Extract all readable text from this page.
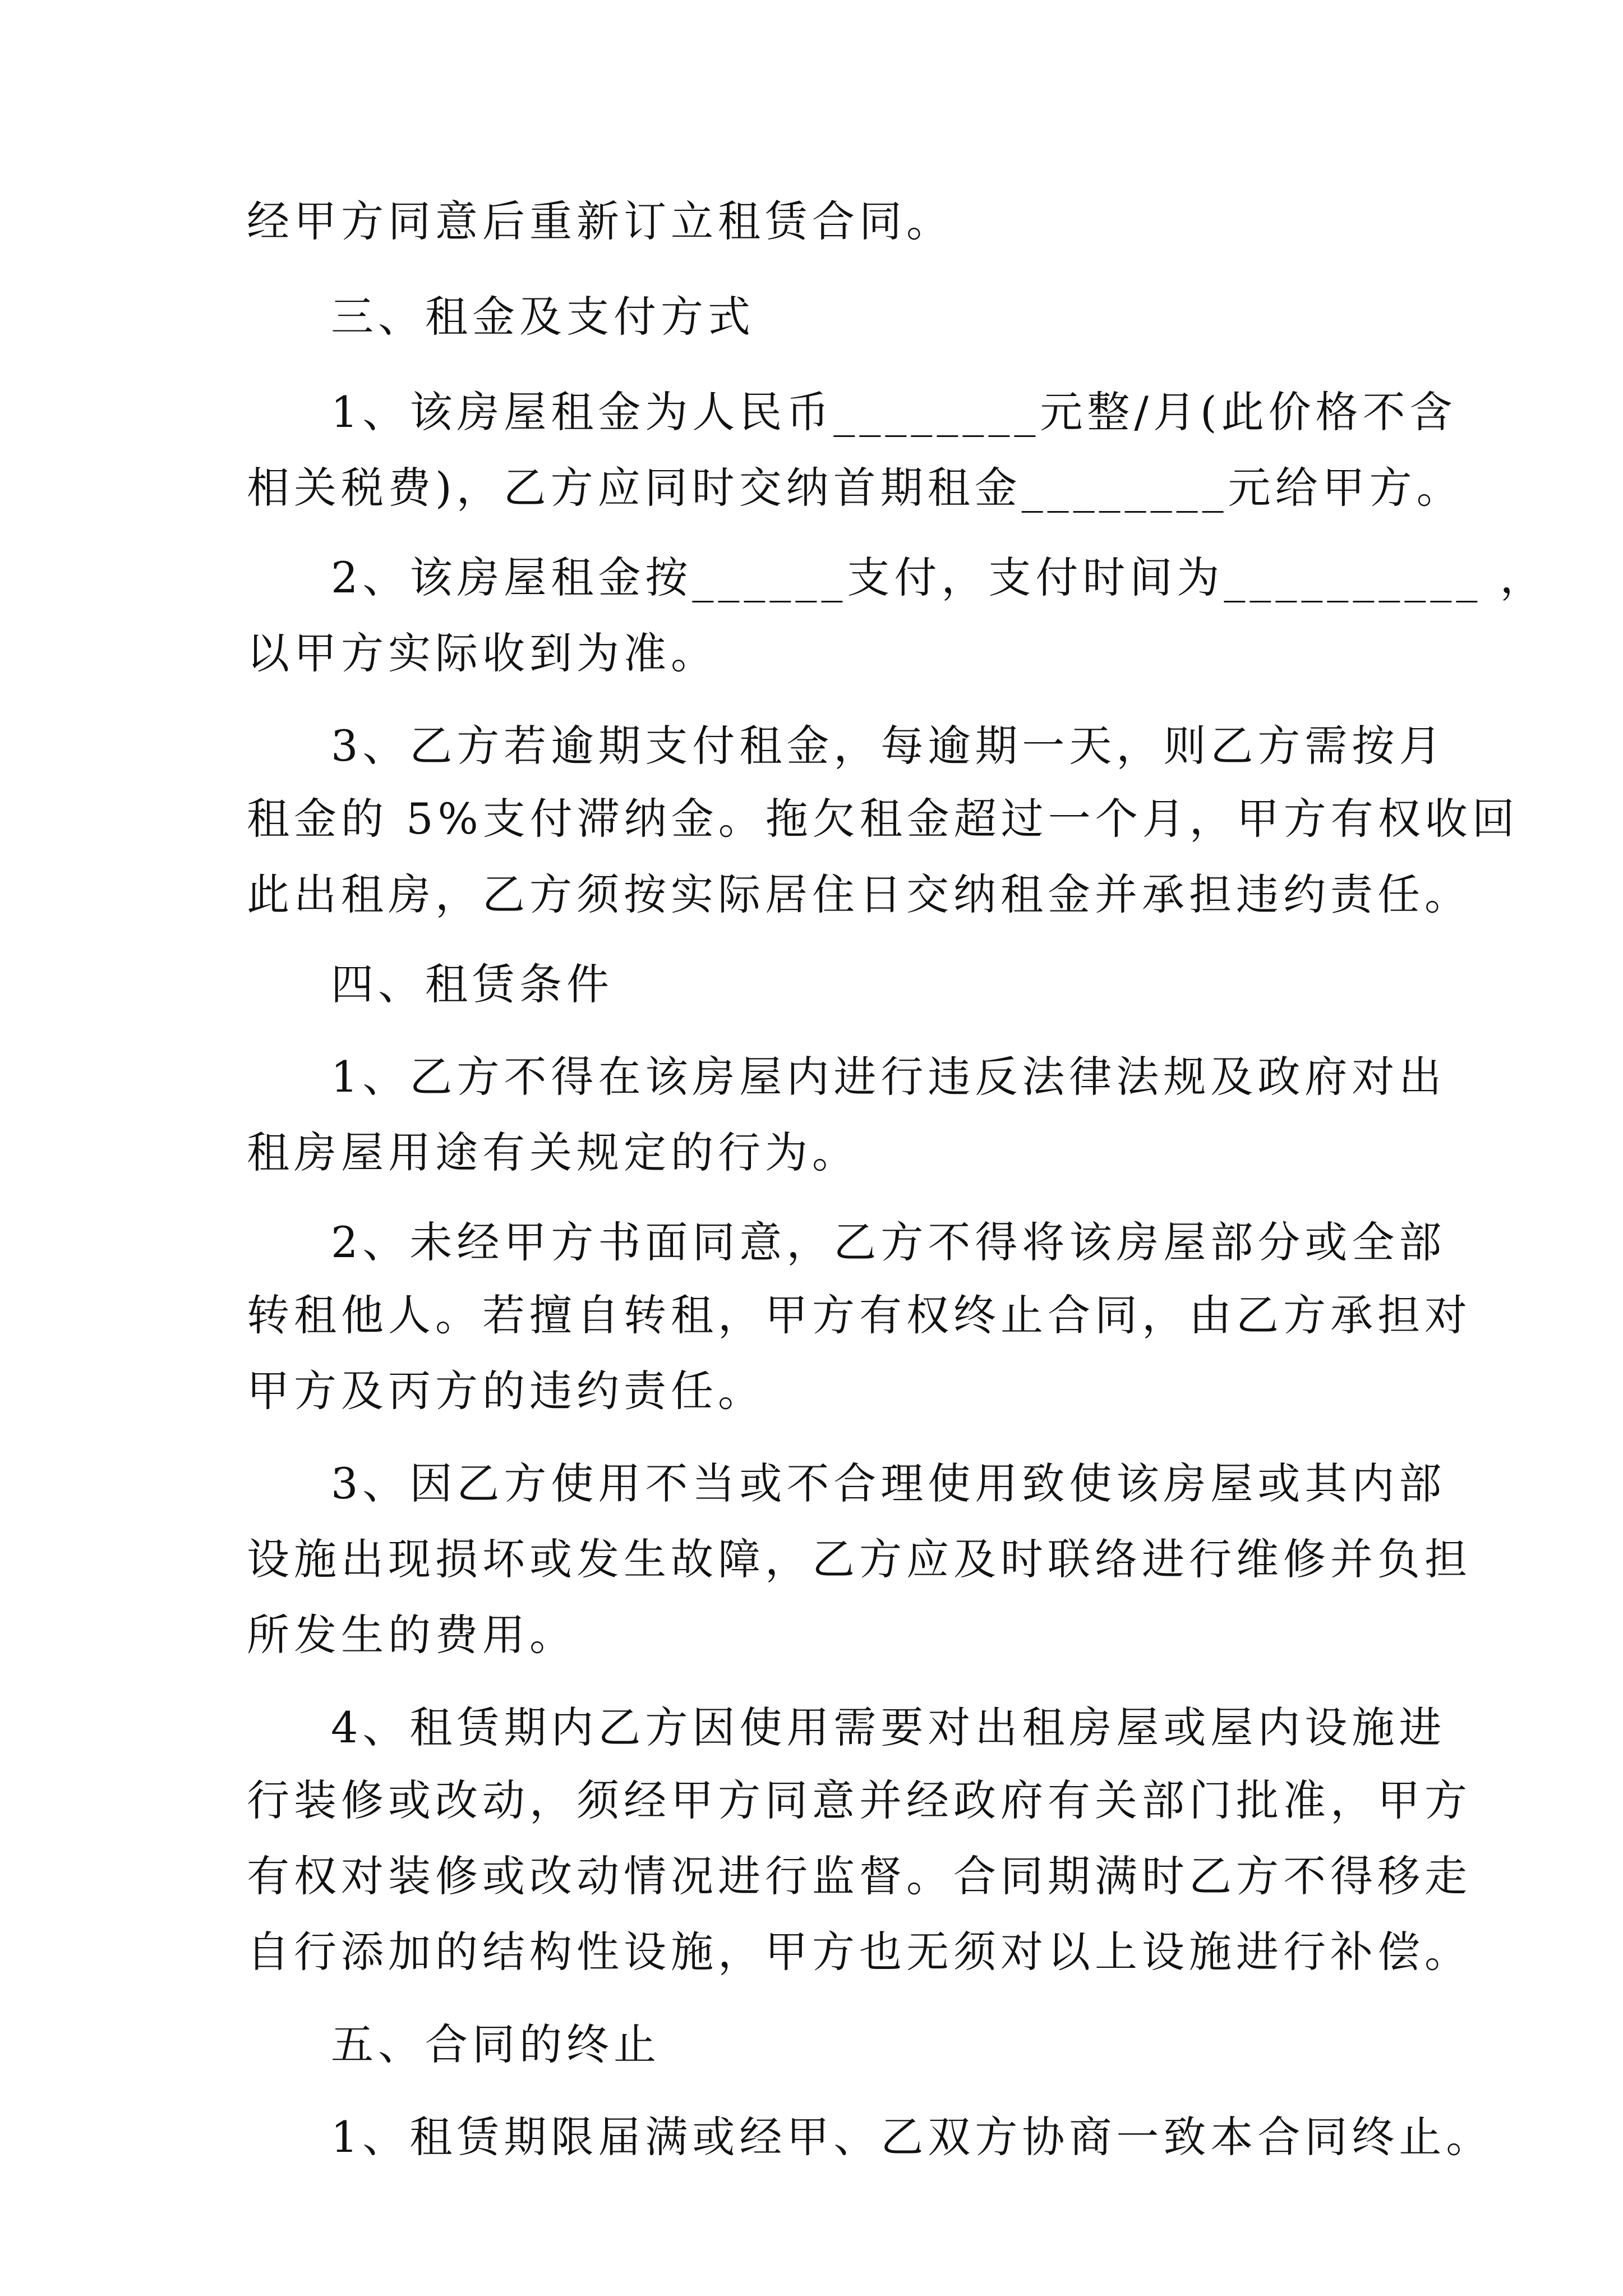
经甲方同意后重新订立租赁合同。
三、租金及支付方式
1、该房屋租金为人民币________元整/月(此价格不含
相关税费)，乙方应同时交纳首期租金________元给甲方。
2、该房屋租金按______支付，支付时间为__________ ，
以甲方实际收到为准。
3、乙方若逾期支付租金，每逾期一天，则乙方需按月
租金的 5%支付滞纳金。拖欠租金超过一个月，甲方有权收回
此出租房，乙方须按实际居住日交纳租金并承担违约责任。
四、租赁条件
1、乙方不得在该房屋内进行违反法律法规及政府对出
租房屋用途有关规定的行为。
2、未经甲方书面同意，乙方不得将该房屋部分或全部
转租他人。若擅自转租，甲方有权终止合同，由乙方承担对
甲方及丙方的违约责任。
3、因乙方使用不当或不合理使用致使该房屋或其内部
设施出现损坏或发生故障，乙方应及时联络进行维修并负担
所发生的费用。
4、租赁期内乙方因使用需要对出租房屋或屋内设施进
行装修或改动，须经甲方同意并经政府有关部门批准，甲方
有权对装修或改动情况进行监督。合同期满时乙方不得移走
自行添加的结构性设施，甲方也无须对以上设施进行补偿。
五、合同的终止
1、租赁期限届满或经甲、乙双方协商一致本合同终止。
